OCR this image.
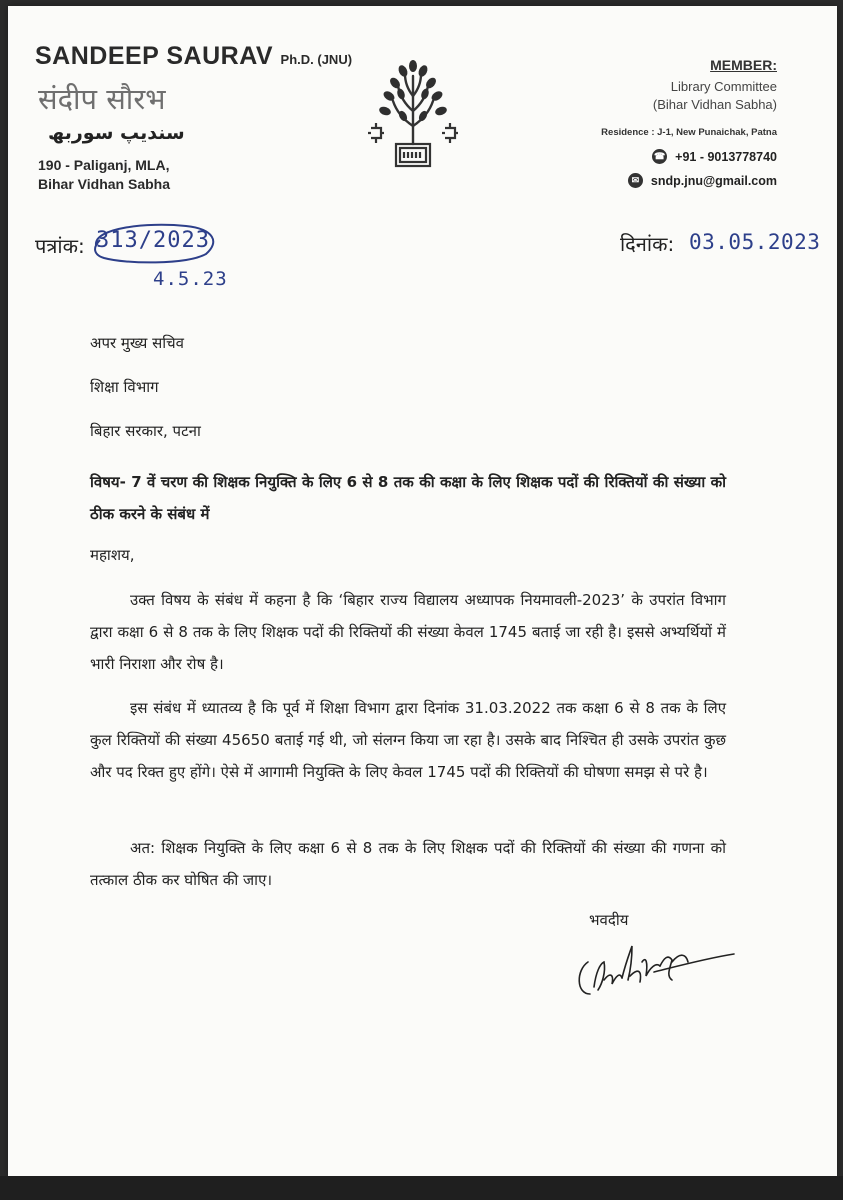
SANDEEP SAURAV Ph.D. (JNU)
संदीप सौरभ
سندیپ سوربھ
190 - Paliganj, MLA,
Bihar Vidhan Sabha
MEMBER:
Library Committee
(Bihar Vidhan Sabha)
Residence : J-1, New Punaichak, Patna
☎ +91 - 9013778740
✉ sndp.jnu@gmail.com
पत्रांक: 313/2023
4.5.23
दिनांक: 03.05.2023
अपर मुख्य सचिव
शिक्षा विभाग
बिहार सरकार, पटना
विषय- 7 वें चरण की शिक्षक नियुक्ति के लिए 6 से 8 तक की कक्षा के लिए शिक्षक पदों की रिक्तियों की संख्या को ठीक करने के संबंध में
महाशय,
उक्त विषय के संबंध में कहना है कि ‘बिहार राज्य विद्यालय अध्यापक नियमावली-2023’ के उपरांत विभाग द्वारा कक्षा 6 से 8 तक के लिए शिक्षक पदों की रिक्तियों की संख्या केवल 1745 बताई जा रही है। इससे अभ्यर्थियों में भारी निराशा और रोष है।
इस संबंध में ध्यातव्य है कि पूर्व में शिक्षा विभाग द्वारा दिनांक 31.03.2022 तक कक्षा 6 से 8 तक के लिए कुल रिक्तियों की संख्या 45650 बताई गई थी, जो संलग्न किया जा रहा है। उसके बाद निश्चित ही उसके उपरांत कुछ और पद रिक्त हुए होंगे। ऐसे में आगामी नियुक्ति के लिए केवल 1745 पदों की रिक्तियों की घोषणा समझ से परे है।
अत: शिक्षक नियुक्ति के लिए कक्षा 6 से 8 तक के लिए शिक्षक पदों की रिक्तियों की संख्या की गणना को तत्काल ठीक कर घोषित की जाए।
भवदीय
